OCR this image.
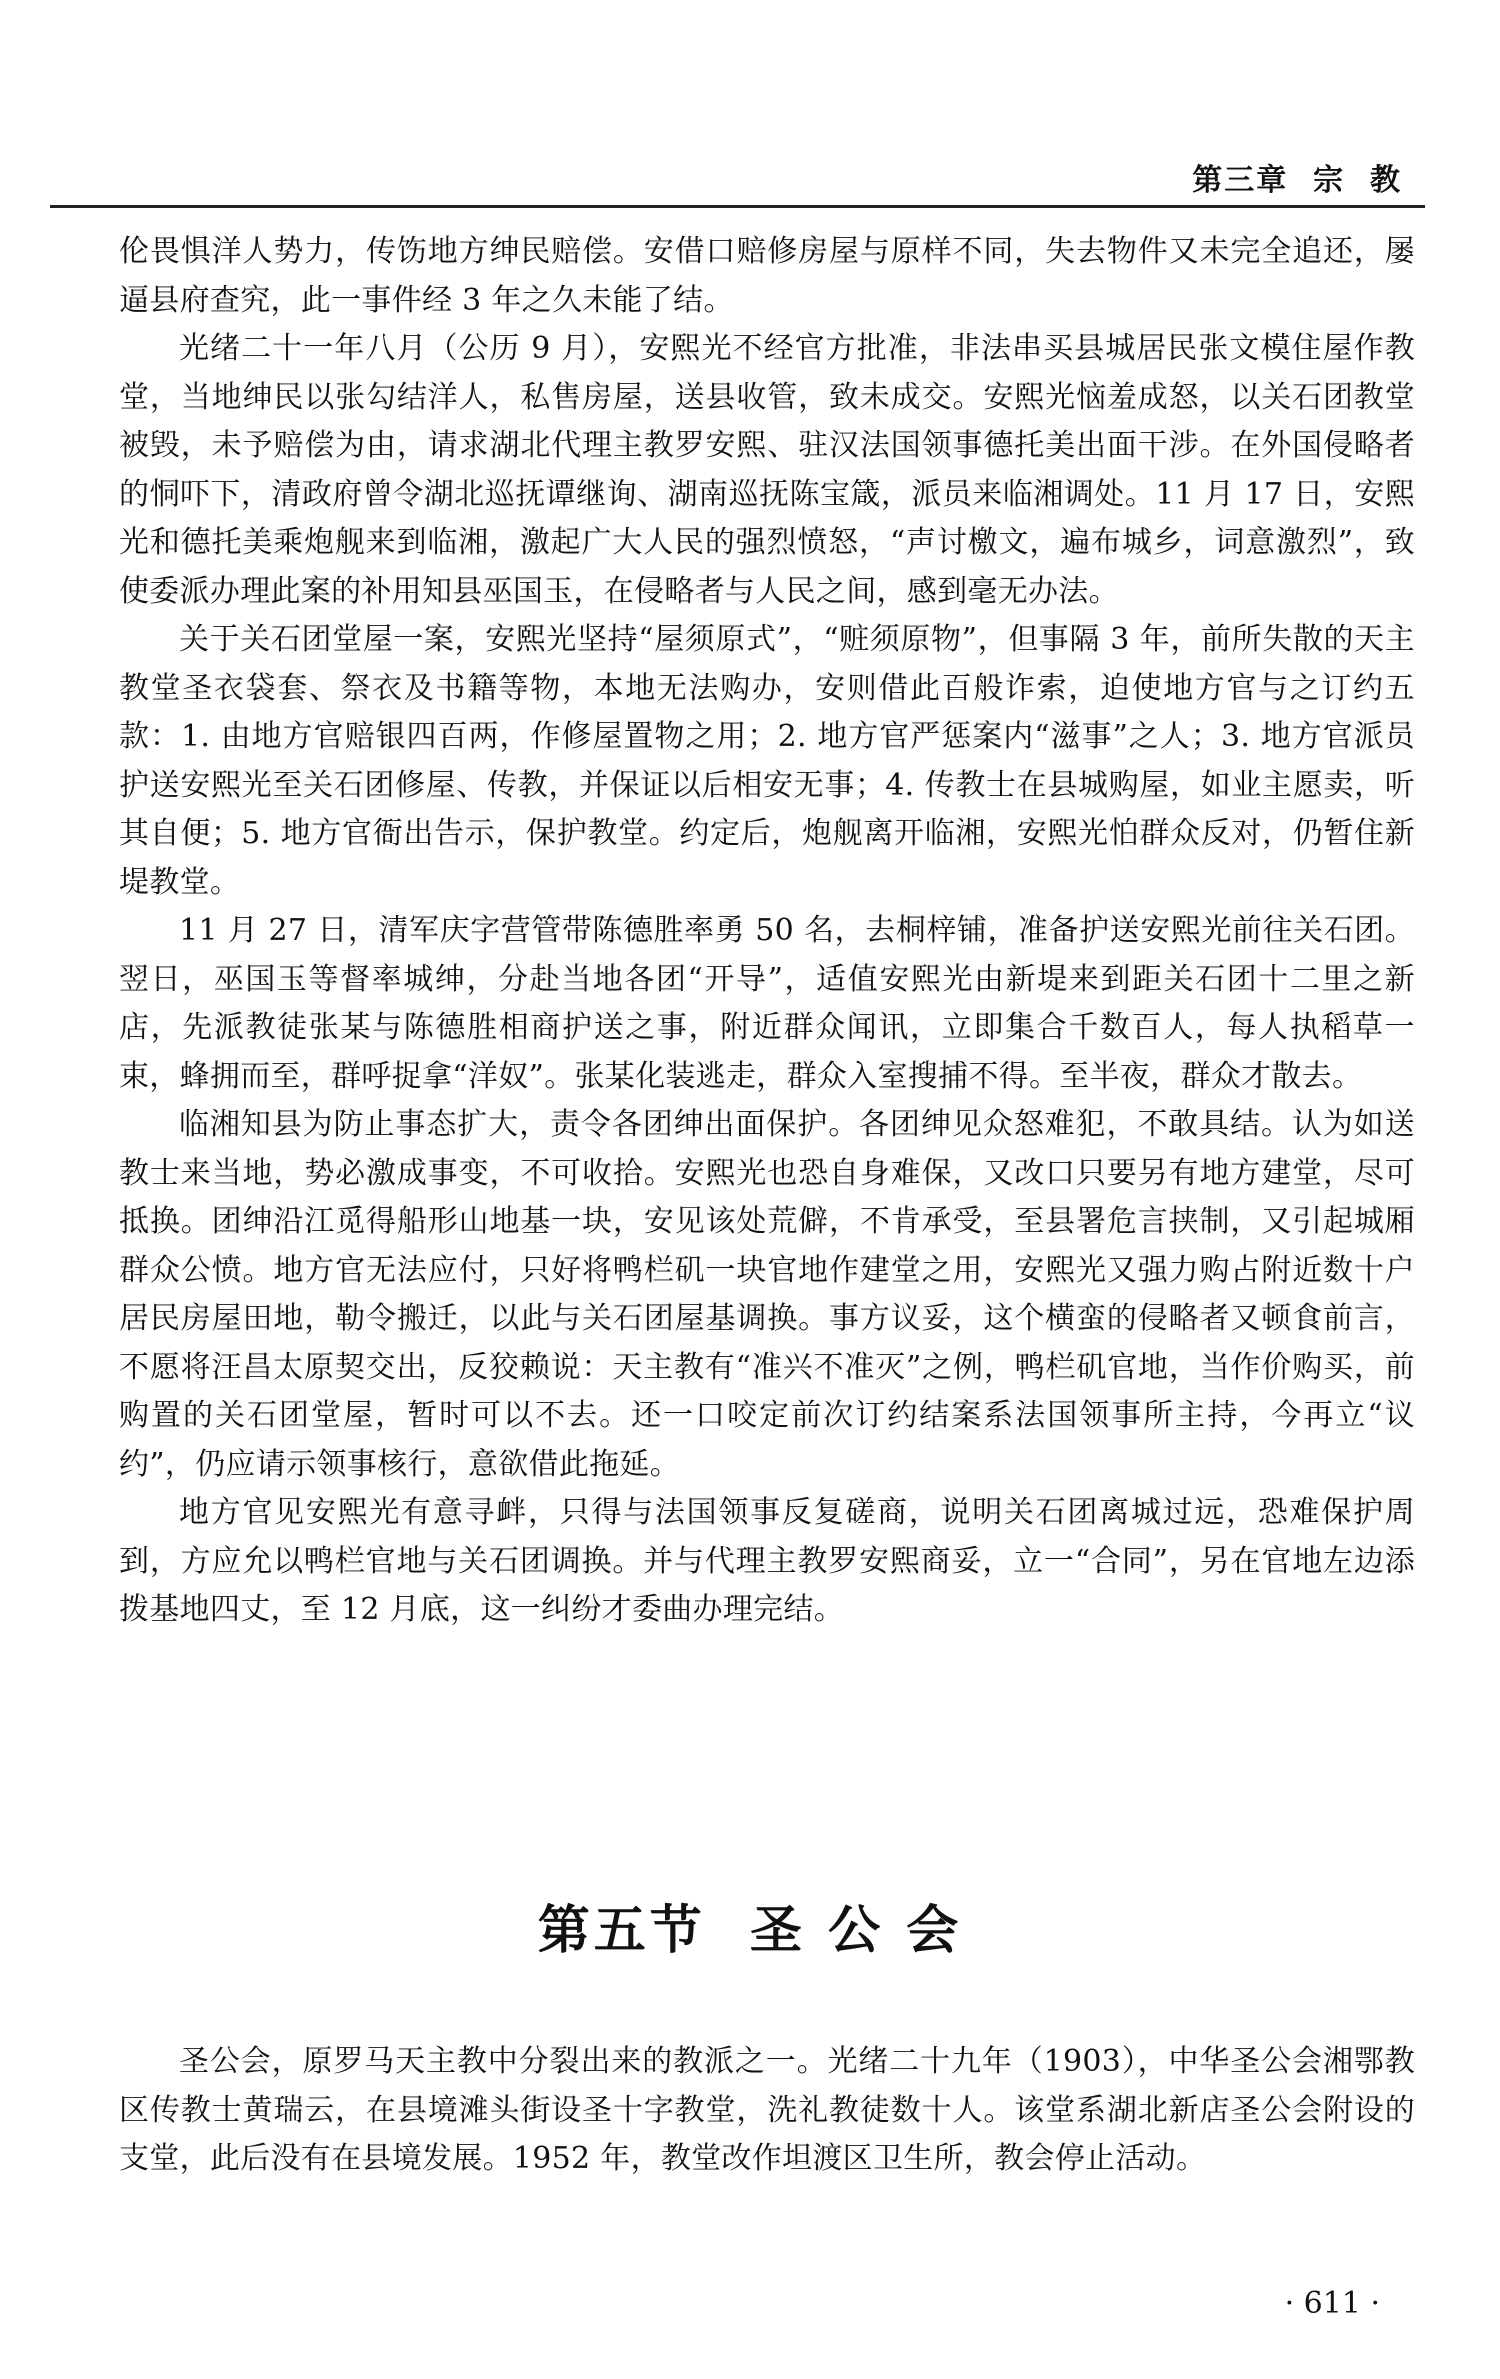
第三章  宗  教

伦畏惧洋人势力，传饬地方绅民赔偿。安借口赔修房屋与原样不同，失去物件又未完全追还，屡逼县府查究，此一事件经 3 年之久未能了结。

光绪二十一年八月（公历 9 月），安熙光不经官方批准，非法串买县城居民张文模住屋作教堂，当地绅民以张勾结洋人，私售房屋，送县收管，致未成交。安熙光恼羞成怒，以关石团教堂被毁，未予赔偿为由，请求湖北代理主教罗安熙、驻汉法国领事德托美出面干涉。在外国侵略者的恫吓下，清政府曾令湖北巡抚谭继询、湖南巡抚陈宝箴，派员来临湘调处。11 月 17 日，安熙光和德托美乘炮舰来到临湘，激起广大人民的强烈愤怒，“声讨檄文，遍布城乡，词意激烈”，致使委派办理此案的补用知县巫国玉，在侵略者与人民之间，感到毫无办法。

关于关石团堂屋一案，安熙光坚持“屋须原式”，“赃须原物”，但事隔 3 年，前所失散的天主教堂圣衣袋套、祭衣及书籍等物，本地无法购办，安则借此百般诈索，迫使地方官与之订约五款：1. 由地方官赔银四百两，作修屋置物之用；2. 地方官严惩案内“滋事”之人；3. 地方官派员护送安熙光至关石团修屋、传教，并保证以后相安无事；4. 传教士在县城购屋，如业主愿卖，听其自便；5. 地方官衙出告示，保护教堂。约定后，炮舰离开临湘，安熙光怕群众反对，仍暂住新堤教堂。

11 月 27 日，清军庆字营管带陈德胜率勇 50 名，去桐梓铺，准备护送安熙光前往关石团。翌日，巫国玉等督率城绅，分赴当地各团“开导”，适值安熙光由新堤来到距关石团十二里之新店，先派教徒张某与陈德胜相商护送之事，附近群众闻讯，立即集合千数百人，每人执稻草一束，蜂拥而至，群呼捉拿“洋奴”。张某化装逃走，群众入室搜捕不得。至半夜，群众才散去。

临湘知县为防止事态扩大，责令各团绅出面保护。各团绅见众怒难犯，不敢具结。认为如送教士来当地，势必激成事变，不可收拾。安熙光也恐自身难保，又改口只要另有地方建堂，尽可抵换。团绅沿江觅得船形山地基一块，安见该处荒僻，不肯承受，至县署危言挟制，又引起城厢群众公愤。地方官无法应付，只好将鸭栏矶一块官地作建堂之用，安熙光又强力购占附近数十户居民房屋田地，勒令搬迁，以此与关石团屋基调换。事方议妥，这个横蛮的侵略者又顿食前言，不愿将汪昌太原契交出，反狡赖说：天主教有“准兴不准灭”之例，鸭栏矶官地，当作价购买，前购置的关石团堂屋，暂时可以不去。还一口咬定前次订约结案系法国领事所主持，今再立“议约”，仍应请示领事核行，意欲借此拖延。

地方官见安熙光有意寻衅，只得与法国领事反复磋商，说明关石团离城过远，恐难保护周到，方应允以鸭栏官地与关石团调换。并与代理主教罗安熙商妥，立一“合同”，另在官地左边添拨基地四丈，至 12 月底，这一纠纷才委曲办理完结。

第五节  圣 公 会

圣公会，原罗马天主教中分裂出来的教派之一。光绪二十九年（1903），中华圣公会湘鄂教区传教士黄瑞云，在县境滩头街设圣十字教堂，洗礼教徒数十人。该堂系湖北新店圣公会附设的支堂，此后没有在县境发展。1952 年，教堂改作坦渡区卫生所，教会停止活动。

· 611 ·
